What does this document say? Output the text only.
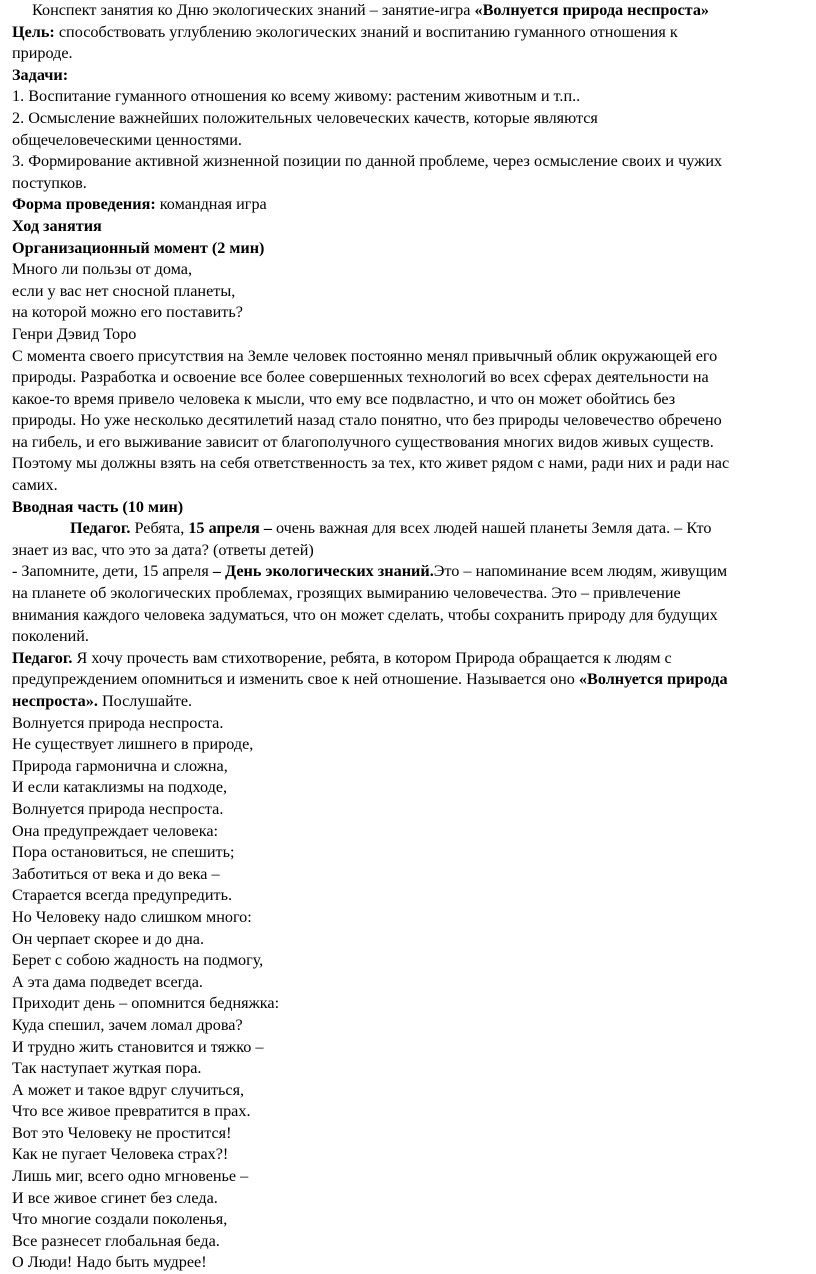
Конспект занятия ко Дню экологических знаний – занятие-игра «Волнуется природа неспроста»
Цель: способствовать углублению экологических знаний и воспитанию гуманного отношения к
природе.
Задачи:
1. Воспитание гуманного отношения ко всему живому: растеним животным и т.п..
2. Осмысление важнейших положительных человеческих качеств, которые являются
общечеловеческими ценностями.
3. Формирование активной жизненной позиции по данной проблеме, через осмысление своих и чужих
поступков.
Форма проведения: командная игра
Ход занятия
Организационный момент (2 мин)
Много ли пользы от дома,
если у вас нет сносной планеты,
на которой можно его поставить?
Генри Дэвид Торо
С момента своего присутствия на Земле человек постоянно менял привычный облик окружающей его
природы. Разработка и освоение все более совершенных технологий во всех сферах деятельности на
какое-то время привело человека к мысли, что ему все подвластно, и что он может обойтись без
природы. Но уже несколько десятилетий назад стало понятно, что без природы человечество обречено
на гибель, и его выживание зависит от благополучного существования многих видов живых существ.
Поэтому мы должны взять на себя ответственность за тех, кто живет рядом с нами, ради них и ради нас
самих.
Вводная часть (10 мин)
Педагог. Ребята, 15 апреля – очень важная для всех людей нашей планеты Земля дата. – Кто
знает из вас, что это за дата? (ответы детей)
- Запомните, дети, 15 апреля – День экологических знаний.Это – напоминание всем людям, живущим
на планете об экологических проблемах, грозящих вымиранию человечества. Это – привлечение
внимания каждого человека задуматься, что он может сделать, чтобы сохранить природу для будущих
поколений.
Педагог. Я хочу прочесть вам стихотворение, ребята, в котором Природа обращается к людям с
предупреждением опомниться и изменить свое к ней отношение. Называется оно «Волнуется природа
неспроста». Послушайте.
Волнуется природа неспроста.
Не существует лишнего в природе,
Природа гармонична и сложна,
И если катаклизмы на подходе,
Волнуется природа неспроста.
Она предупреждает человека:
Пора остановиться, не спешить;
Заботиться от века и до века –
Старается всегда предупредить.
Но Человеку надо слишком много:
Он черпает скорее и до дна.
Берет с собою жадность на подмогу,
А эта дама подведет всегда.
Приходит день – опомнится бедняжка:
Куда спешил, зачем ломал дрова?
И трудно жить становится и тяжко –
Так наступает жуткая пора.
А может и такое вдруг случиться,
Что все живое превратится в прах.
Вот это Человеку не простится!
Как не пугает Человека страх?!
Лишь миг, всего одно мгновенье –
И все живое сгинет без следа.
Что многие создали поколенья,
Все разнесет глобальная беда.
О Люди! Надо быть мудрее!
